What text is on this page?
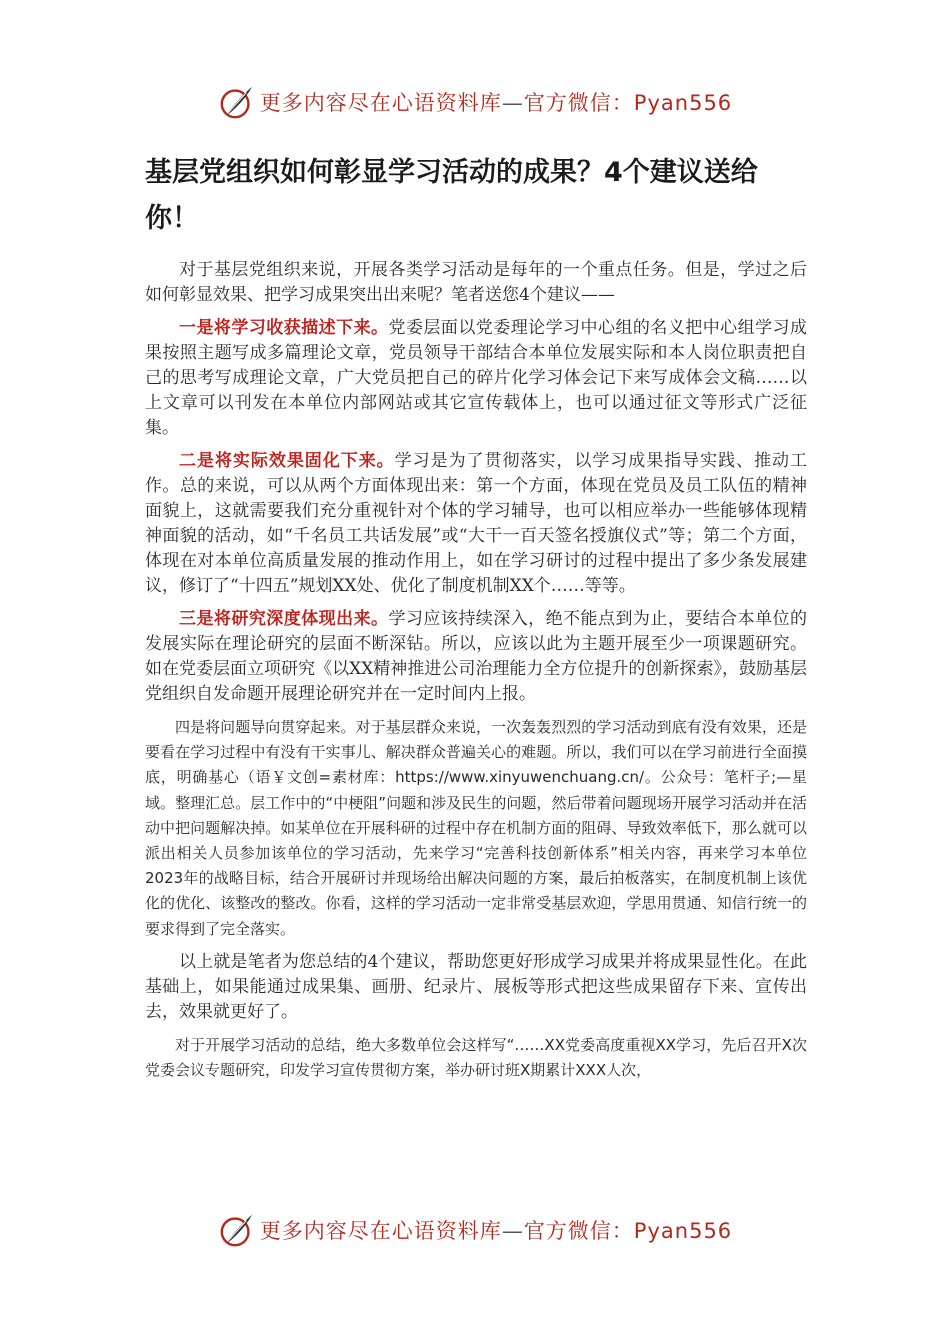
更多内容尽在心语资料库—官方微信：Pyan556
基层党组织如何彰显学习活动的成果？4个建议送给你！

对于基层党组织来说，开展各类学习活动是每年的一个重点任务。但是，学过之后如何彰显效果、把学习成果突出出来呢？笔者送您4个建议——

一是将学习收获描述下来。党委层面以党委理论学习中心组的名义把中心组学习成果按照主题写成多篇理论文章，党员领导干部结合本单位发展实际和本人岗位职责把自己的思考写成理论文章，广大党员把自己的碎片化学习体会记下来写成体会文稿……以上文章可以刊发在本单位内部网站或其它宣传载体上，也可以通过征文等形式广泛征集。

二是将实际效果固化下来。学习是为了贯彻落实，以学习成果指导实践、推动工作。总的来说，可以从两个方面体现出来：第一个方面，体现在党员及员工队伍的精神面貌上，这就需要我们充分重视针对个体的学习辅导，也可以相应举办一些能够体现精神面貌的活动，如“千名员工共话发展”或“大干一百天签名授旗仪式”等；第二个方面，体现在对本单位高质量发展的推动作用上，如在学习研讨的过程中提出了多少条发展建议，修订了“十四五”规划XX处、优化了制度机制XX个……等等。

三是将研究深度体现出来。学习应该持续深入，绝不能点到为止，要结合本单位的发展实际在理论研究的层面不断深钻。所以，应该以此为主题开展至少一项课题研究。如在党委层面立项研究《以XX精神推进公司治理能力全方位提升的创新探索》，鼓励基层党组织自发命题开展理论研究并在一定时间内上报。

四是将问题导向贯穿起来。对于基层群众来说，一次轰轰烈烈的学习活动到底有没有效果，还是要看在学习过程中有没有干实事儿、解决群众普遍关心的难题。所以，我们可以在学习前进行全面摸底，明确基心（语￥文创=素材库：https://www.xinyuwenchuang.cn/。公众号：笔杆子;—星域。整理汇总。层工作中的“中梗阻”问题和涉及民生的问题，然后带着问题现场开展学习活动并在活动中把问题解决掉。如某单位在开展科研的过程中存在机制方面的阻碍、导致效率低下，那么就可以派出相关人员参加该单位的学习活动，先来学习“完善科技创新体系”相关内容，再来学习本单位2023年的战略目标，结合开展研讨并现场给出解决问题的方案，最后拍板落实，在制度机制上该优化的优化、该整改的整改。你看，这样的学习活动一定非常受基层欢迎，学思用贯通、知信行统一的要求得到了完全落实。

以上就是笔者为您总结的4个建议，帮助您更好形成学习成果并将成果显性化。在此基础上，如果能通过成果集、画册、纪录片、展板等形式把这些成果留存下来、宣传出去，效果就更好了。

对于开展学习活动的总结，绝大多数单位会这样写“……XX党委高度重视XX学习，先后召开X次党委会议专题研究，印发学习宣传贯彻方案，举办研讨班X期累计XXX人次，

更多内容尽在心语资料库—官方微信：Pyan556
